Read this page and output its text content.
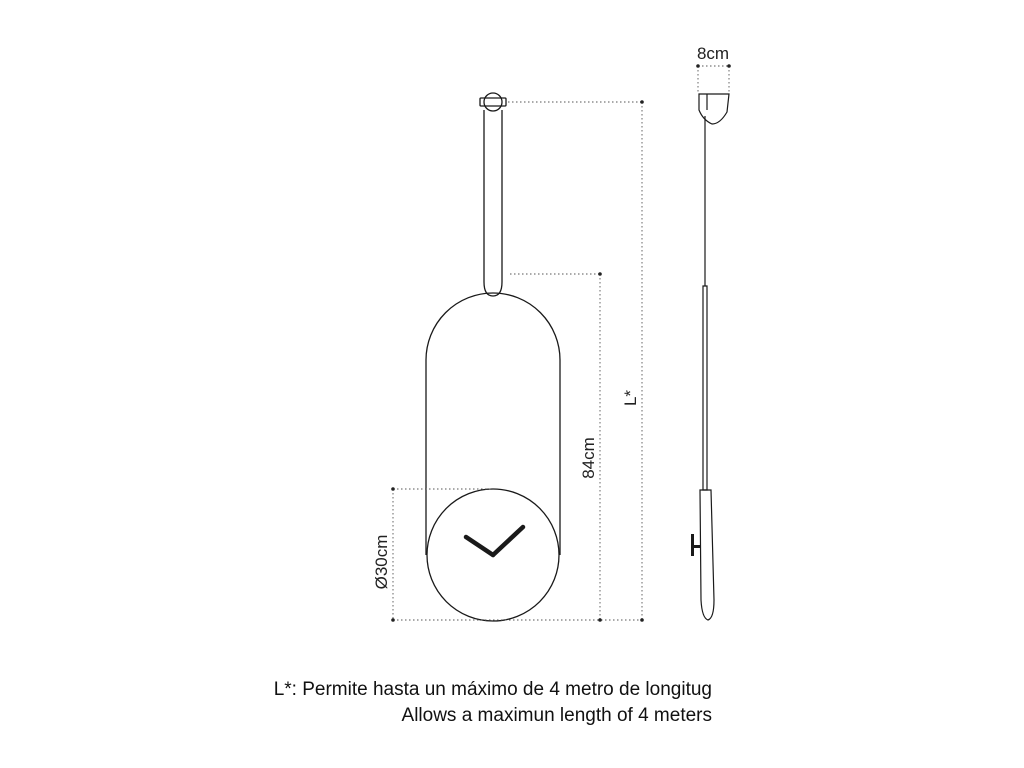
8cm
L*
84cm
Ø30cm

L*: Permite hasta un máximo de 4 metro de longitug

Allows a maximun length of 4 meters
